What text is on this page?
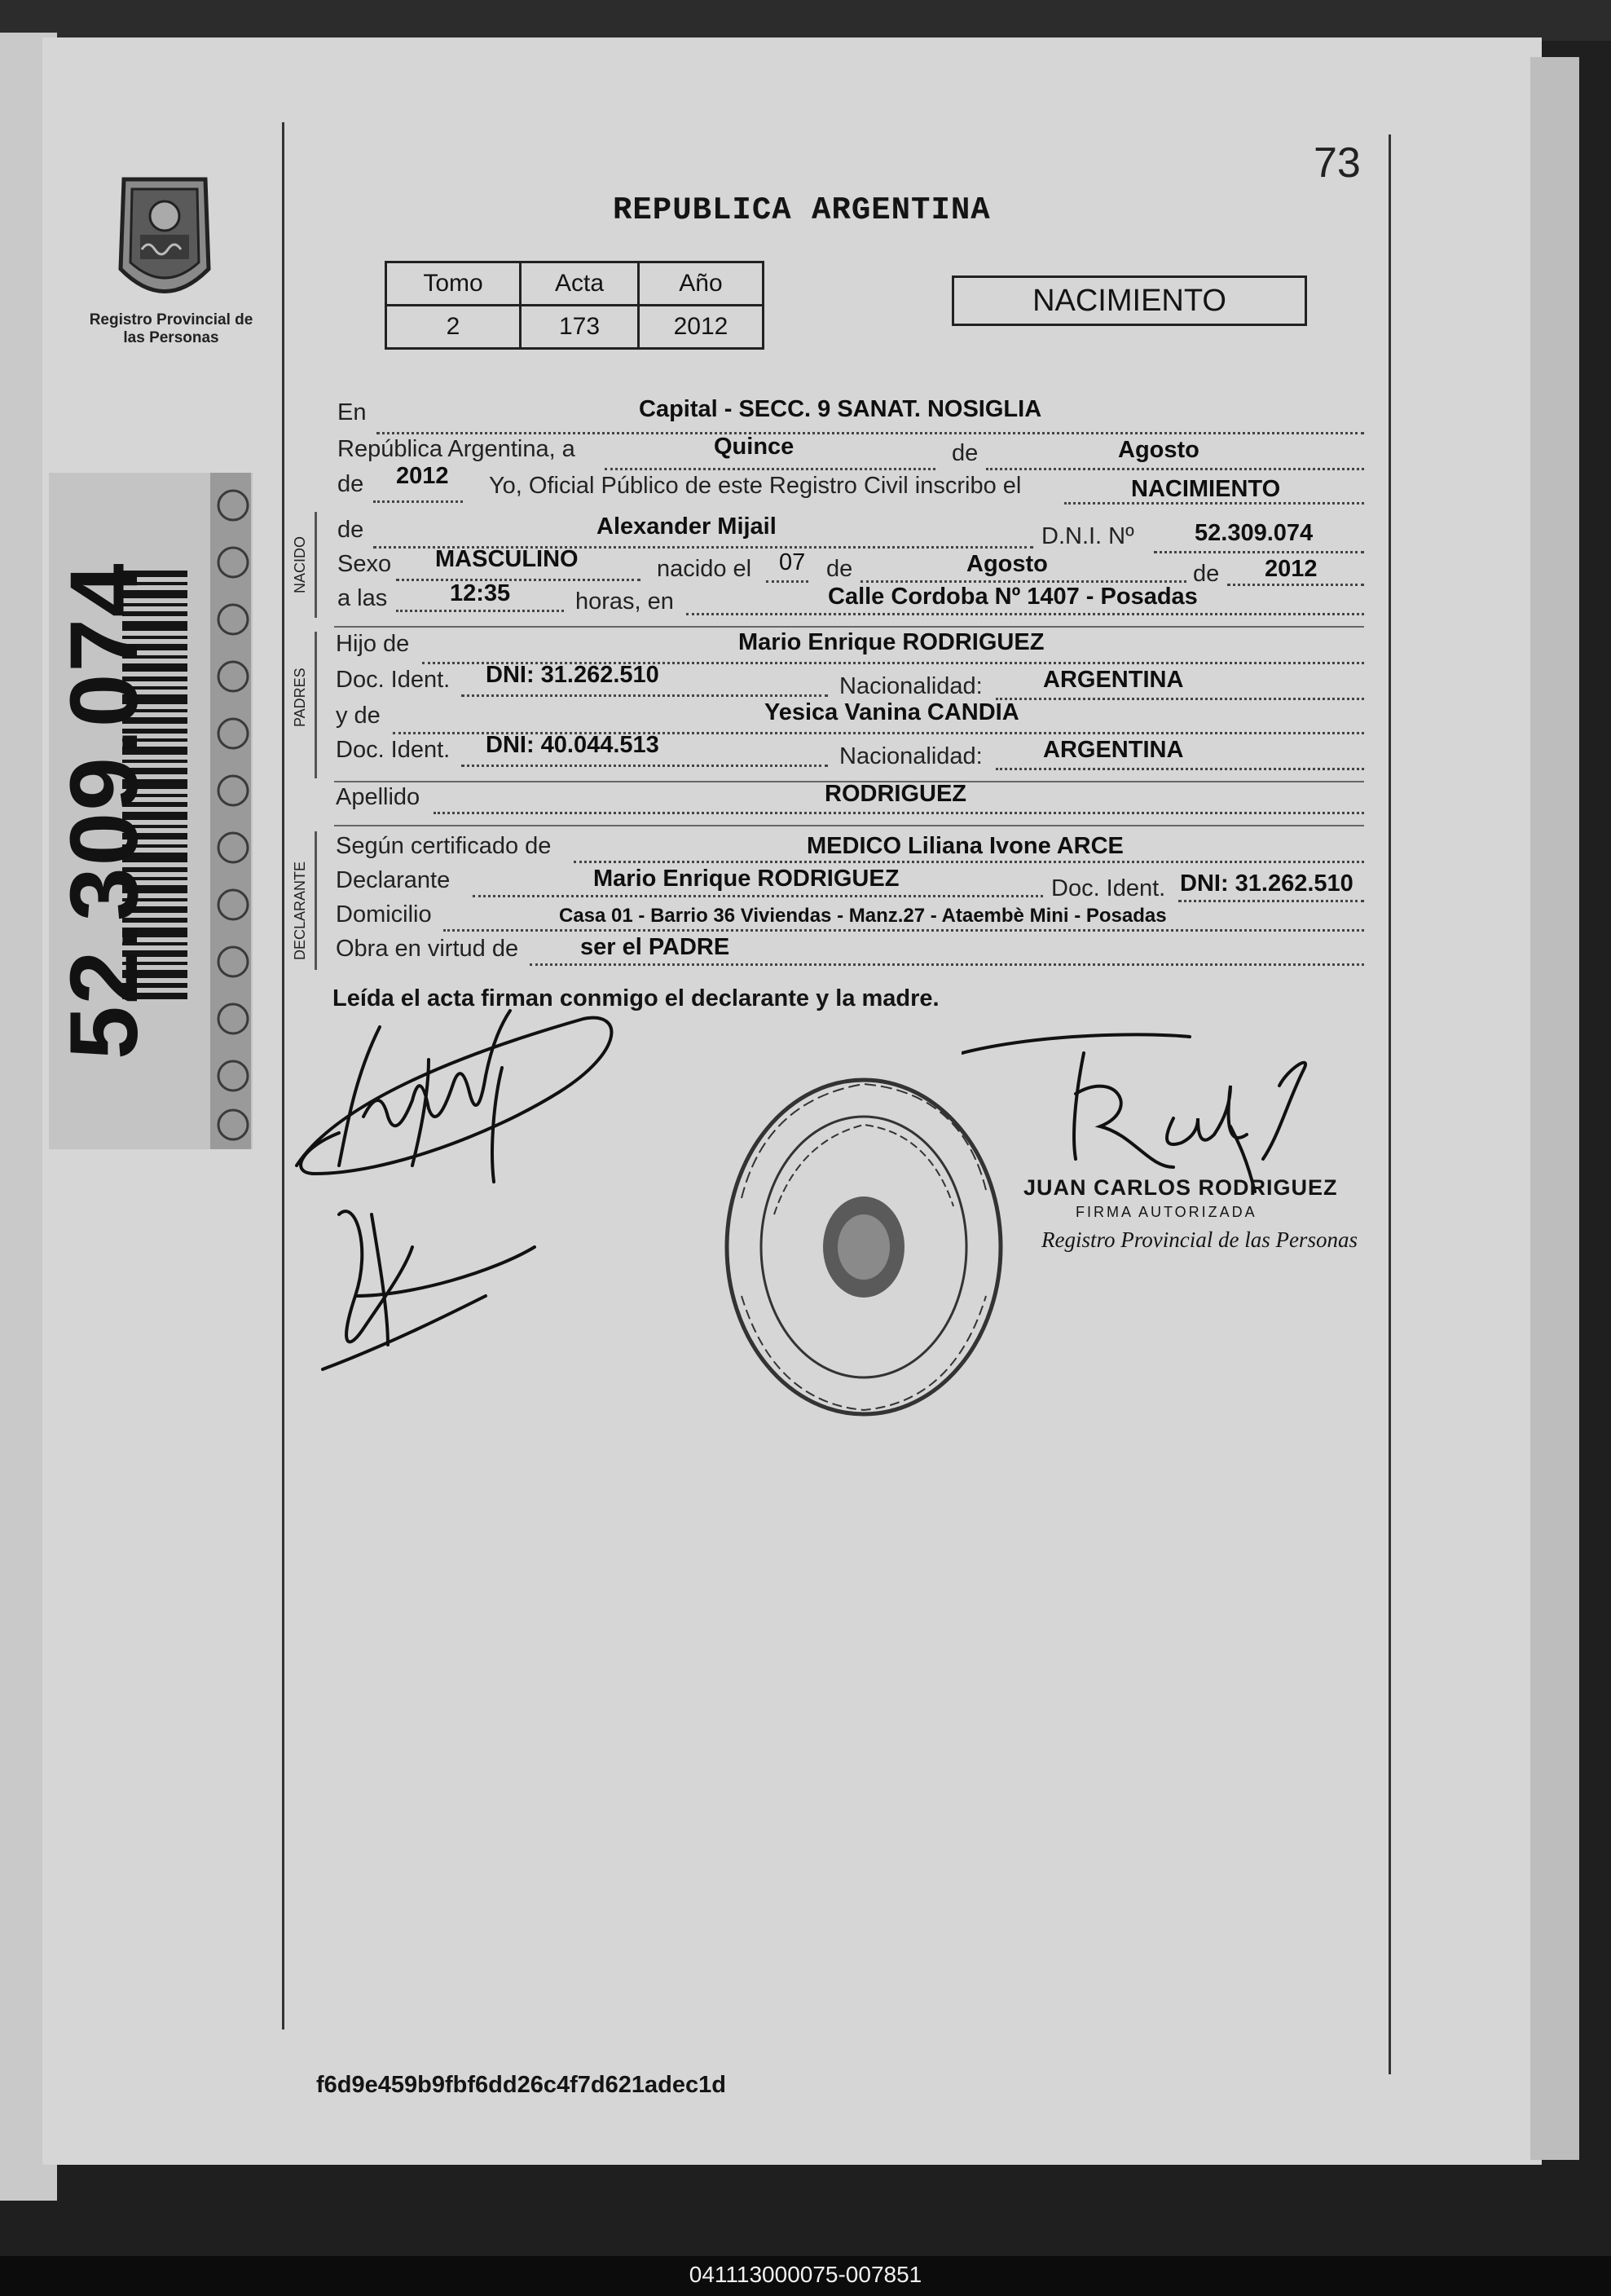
73
Registro Provincial de las Personas
REPUBLICA ARGENTINA
Tomo	Acta	Año
2	173	2012
NACIMIENTO
52.309.074	NACIDO
PADRES
DECLARANTE
En	Capital - SECC. 9 SANAT. NOSIGLIA
República Argentina, a	Quince	de	Agosto
de 2012 Yo, Oficial Público de este Registro Civil inscribo el	NACIMIENTO
de	Alexander Mijail	D.N.I. Nº	52.309.074
Sexo MASCULINO	nacido el 07 de	Agosto	de 2012
a las	12:35	horas, en	Calle Cordoba Nº 1407 - Posadas
Hijo de	Mario Enrique RODRIGUEZ
Doc. Ident. DNI: 31.262.510	Nacionalidad:	ARGENTINA
y de	Yesica Vanina CANDIA
Doc. Ident. DNI: 40.044.513	Nacionalidad:	ARGENTINA
Apellido	RODRIGUEZ
Según certificado de	MEDICO Liliana Ivone ARCE
Declarante	Mario Enrique RODRIGUEZ	Doc. Ident. DNI: 31.262.510
Domicilio	Casa 01 - Barrio 36 Viviendas - Manz.27 - Ataembè Mini - Posadas
Obra en virtud de	ser el PADRE
Leída el acta firman conmigo el declarante y la madre.
JUAN CARLOS RODRIGUEZ
FIRMA AUTORIZADA
Registro Provincial de las Personas
f6d9e459b9fbf6dd26c4f7d621adec1d
041113000075-007851
